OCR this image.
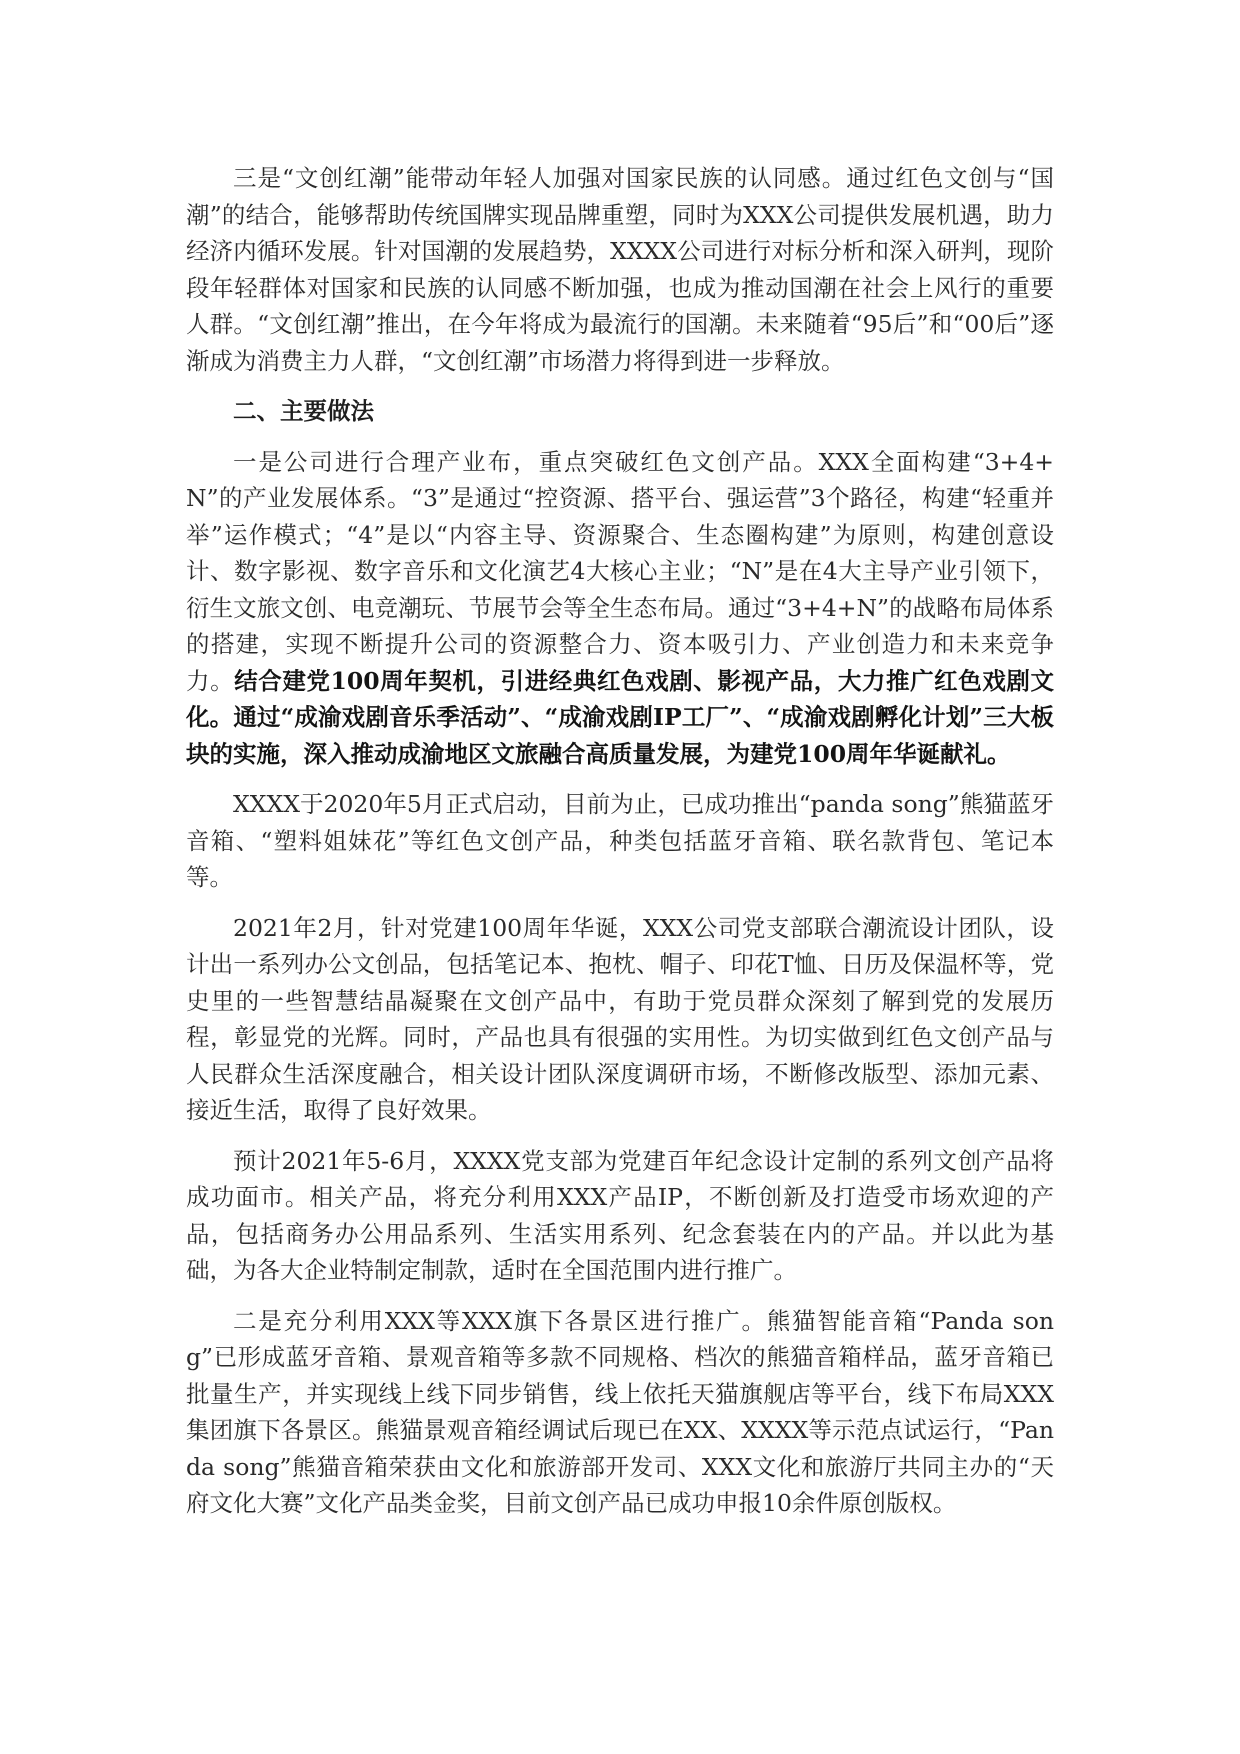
三是“文创红潮”能带动年轻人加强对国家民族的认同感。通过红色文创与“国潮”的结合，能够帮助传统国牌实现品牌重塑，同时为XXX公司提供发展机遇，助力经济内循环发展。针对国潮的发展趋势，XXXX公司进行对标分析和深入研判，现阶段年轻群体对国家和民族的认同感不断加强，也成为推动国潮在社会上风行的重要人群。“文创红潮”推出，在今年将成为最流行的国潮。未来随着“95后”和“00后”逐渐成为消费主力人群，“文创红潮”市场潜力将得到进一步释放。

二、主要做法

一是公司进行合理产业布，重点突破红色文创产品。XXX全面构建“3+4+N”的产业发展体系。“3”是通过“控资源、搭平台、强运营”3个路径，构建“轻重并举”运作模式；“4”是以“内容主导、资源聚合、生态圈构建”为原则，构建创意设计、数字影视、数字音乐和文化演艺4大核心主业；“N”是在4大主导产业引领下，衍生文旅文创、电竞潮玩、节展节会等全生态布局。通过“3+4+N”的战略布局体系的搭建，实现不断提升公司的资源整合力、资本吸引力、产业创造力和未来竞争力。结合建党100周年契机，引进经典红色戏剧、影视产品，大力推广红色戏剧文化。通过“成渝戏剧音乐季活动”、“成渝戏剧IP工厂”、“成渝戏剧孵化计划”三大板块的实施，深入推动成渝地区文旅融合高质量发展，为建党100周年华诞献礼。

XXXX于2020年5月正式启动，目前为止，已成功推出“panda song”熊猫蓝牙音箱、“塑料姐妹花”等红色文创产品，种类包括蓝牙音箱、联名款背包、笔记本等。

2021年2月，针对党建100周年华诞，XXX公司党支部联合潮流设计团队，设计出一系列办公文创品，包括笔记本、抱枕、帽子、印花T恤、日历及保温杯等，党史里的一些智慧结晶凝聚在文创产品中，有助于党员群众深刻了解到党的发展历程，彰显党的光辉。同时，产品也具有很强的实用性。为切实做到红色文创产品与人民群众生活深度融合，相关设计团队深度调研市场，不断修改版型、添加元素、接近生活，取得了良好效果。

预计2021年5-6月，XXXX党支部为党建百年纪念设计定制的系列文创产品将成功面市。相关产品，将充分利用XXX产品IP，不断创新及打造受市场欢迎的产品，包括商务办公用品系列、生活实用系列、纪念套装在内的产品。并以此为基础，为各大企业特制定制款，适时在全国范围内进行推广。

二是充分利用XXX等XXX旗下各景区进行推广。熊猫智能音箱“Panda song”已形成蓝牙音箱、景观音箱等多款不同规格、档次的熊猫音箱样品，蓝牙音箱已批量生产，并实现线上线下同步销售，线上依托天猫旗舰店等平台，线下布局XXX集团旗下各景区。熊猫景观音箱经调试后现已在XX、XXXX等示范点试运行，“Panda song”熊猫音箱荣获由文化和旅游部开发司、XXX文化和旅游厅共同主办的“天府文化大赛”文化产品类金奖，目前文创产品已成功申报10余件原创版权。
